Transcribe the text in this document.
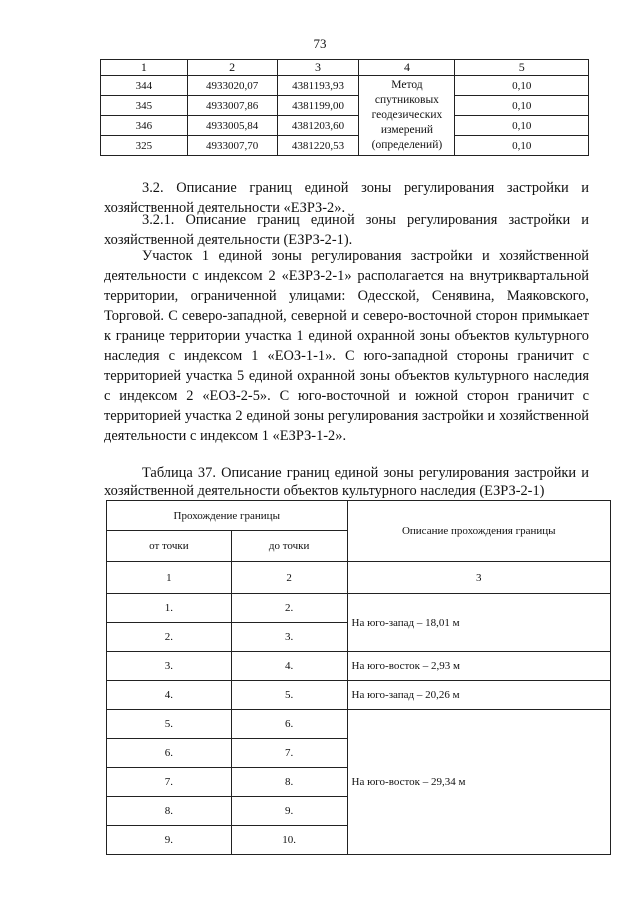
73
1	2	3	4	5
344	4933020,07	4381193,93	Метод спутниковых геодезических измерений (определений)	0,10
345	4933007,86	4381199,00		0,10
346	4933005,84	4381203,60		0,10
325	4933007,70	4381220,53		0,10

3.2. Описание границ единой зоны регулирования застройки и хозяйственной деятельности «ЕЗРЗ-2».

3.2.1. Описание границ единой зоны регулирования застройки и хозяйственной деятельности (ЕЗРЗ-2-1).

Участок 1 единой зоны регулирования застройки и хозяйственной деятельности с индексом 2 «ЕЗРЗ-2-1» располагается на внутриквартальной территории, ограниченной улицами: Одесской, Сенявина, Маяковского, Торговой. С северо-западной, северной и северо-восточной сторон примыкает к границе территории участка 1 единой охранной зоны объектов культурного наследия с индексом 1 «ЕОЗ-1-1». С юго-западной стороны граничит с территорией участка 5 единой охранной зоны объектов культурного наследия с индексом 2 «ЕОЗ-2-5». С юго-восточной и южной сторон граничит с территорией участка 2 единой зоны регулирования застройки и хозяйственной деятельности с индексом 1 «ЕЗРЗ-1-2».

Таблица 37. Описание границ единой зоны регулирования застройки и хозяйственной деятельности объектов культурного наследия (ЕЗРЗ-2-1)

Прохождение границы		Описание прохождения границы
от точки	до точки	
1	2	3
1.	2.	На юго-запад – 18,01 м
2.	3.	
3.	4.	На юго-восток – 2,93 м
4.	5.	На юго-запад – 20,26 м
5.	6.	На юго-восток – 29,34 м
6.	7.	
7.	8.	
8.	9.	
9.	10.	
